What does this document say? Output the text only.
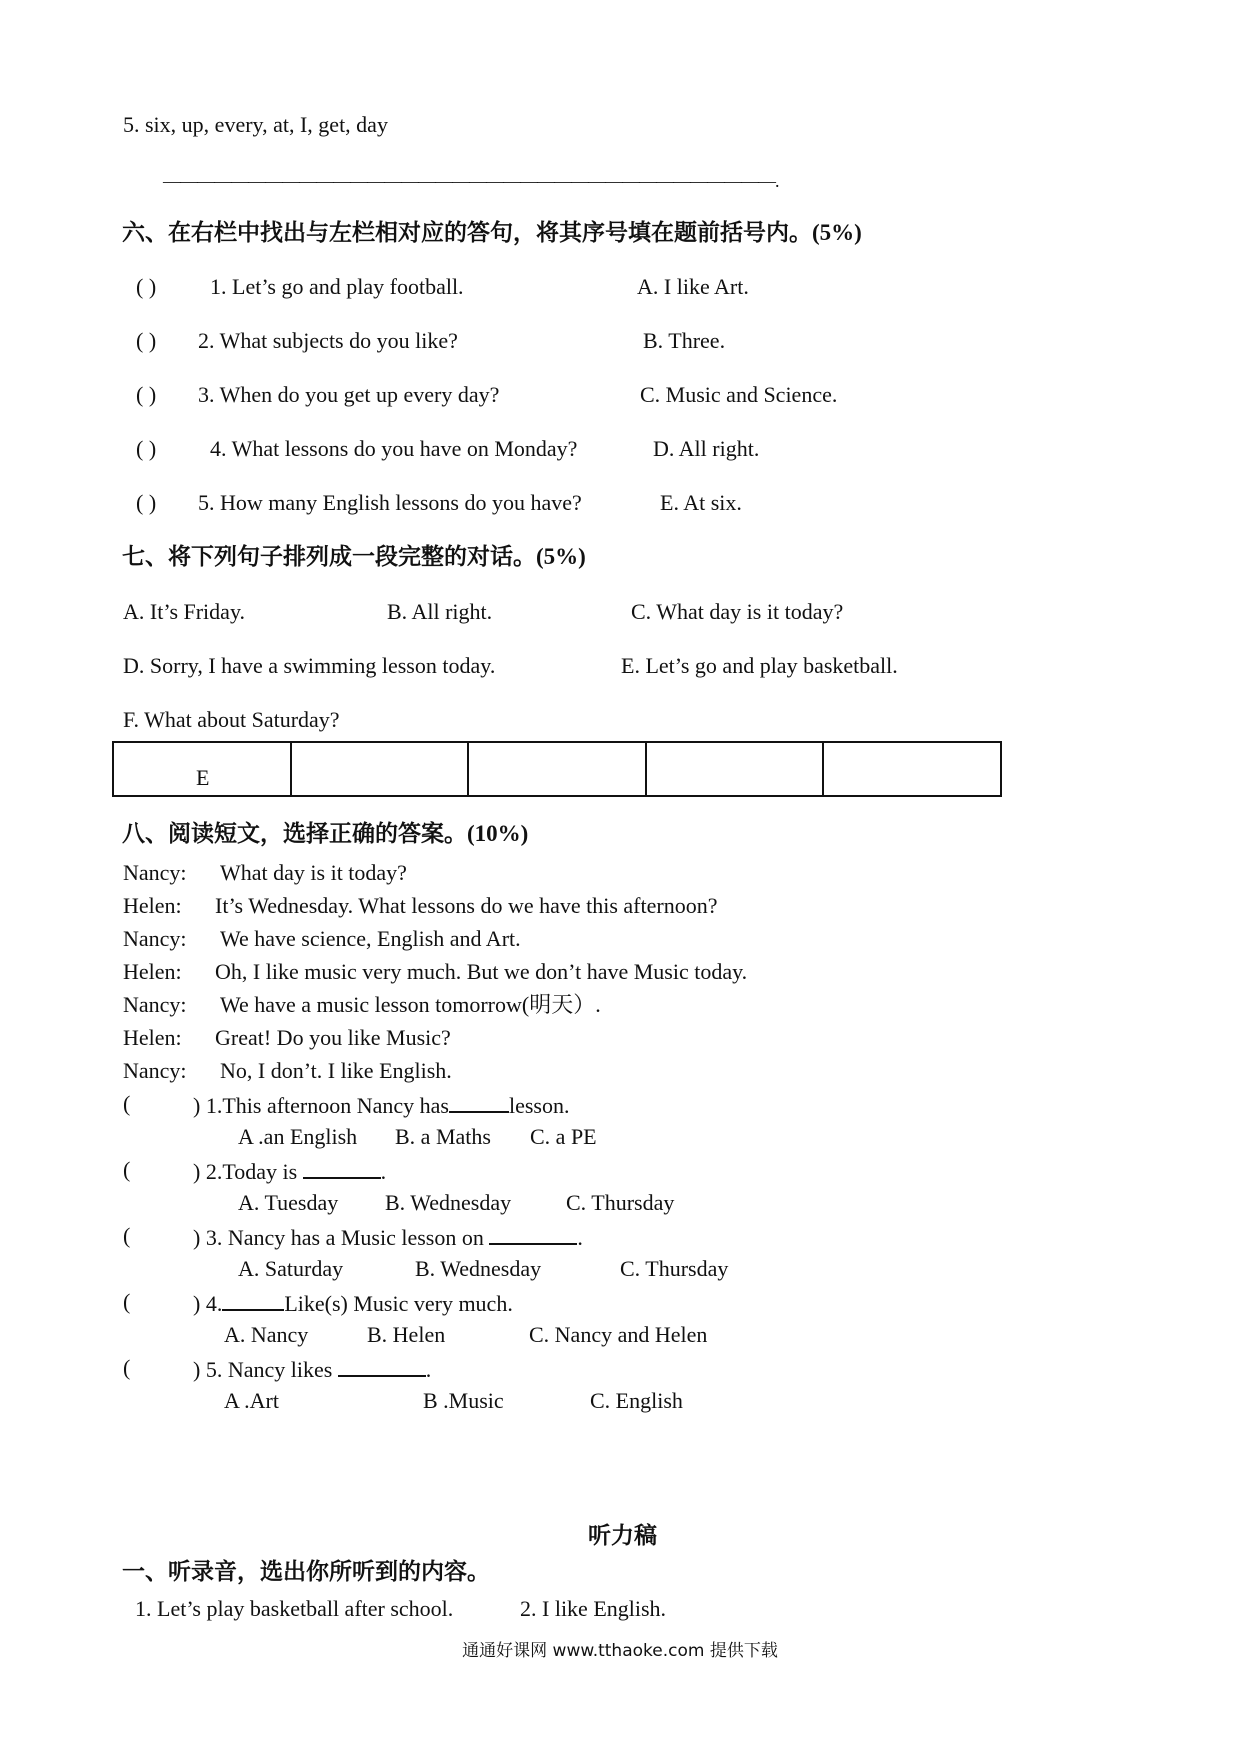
5. six, up, every, at, I, get, day
————————————————————————————————————.
六、在右栏中找出与左栏相对应的答句，将其序号填在题前括号内。(5%)
( ) 1. Let’s go and play football.	A. I like Art.
( ) 2. What subjects do you like?	B. Three.
( ) 3. When do you get up every day?	C. Music and Science.
( ) 4. What lessons do you have on Monday?	D. All right.
( ) 5. How many English lessons do you have?	E. At six.
七、将下列句子排列成一段完整的对话。(5%)
A. It’s Friday.	B. All right.	C. What day is it today?
D. Sorry, I have a swimming lesson today.	E. Let’s go and play basketball.
F. What about Saturday?
E				
八、阅读短文，选择正确的答案。(10%)
Nancy: What day is it today?
Helen: It’s Wednesday. What lessons do we have this afternoon?
Nancy: We have science, English and Art.
Helen: Oh, I like music very much. But we don’t have Music today.
Nancy: We have a music lesson tomorrow(明天）.
Helen: Great! Do you like Music?
Nancy: No, I don’t. I like English.
(	) 1.This afternoon Nancy has	lesson.
A .an English B. a Maths C. a PE
(	) 2.Today is	.
A. Tuesday B. Wednesday C. Thursday
(	) 3. Nancy has a Music lesson on	.
A. Saturday	B. Wednesday	C. Thursday
(	) 4.	Like(s) Music very much.
A. Nancy	B. Helen	C. Nancy and Helen
(	) 5. Nancy likes	.
A .Art	B .Music	C. English
听力稿
一、听录音，选出你所听到的内容。
1. Let’s play basketball after school.	2. I like English.
通通好课网 www.tthaoke.com 提供下载
